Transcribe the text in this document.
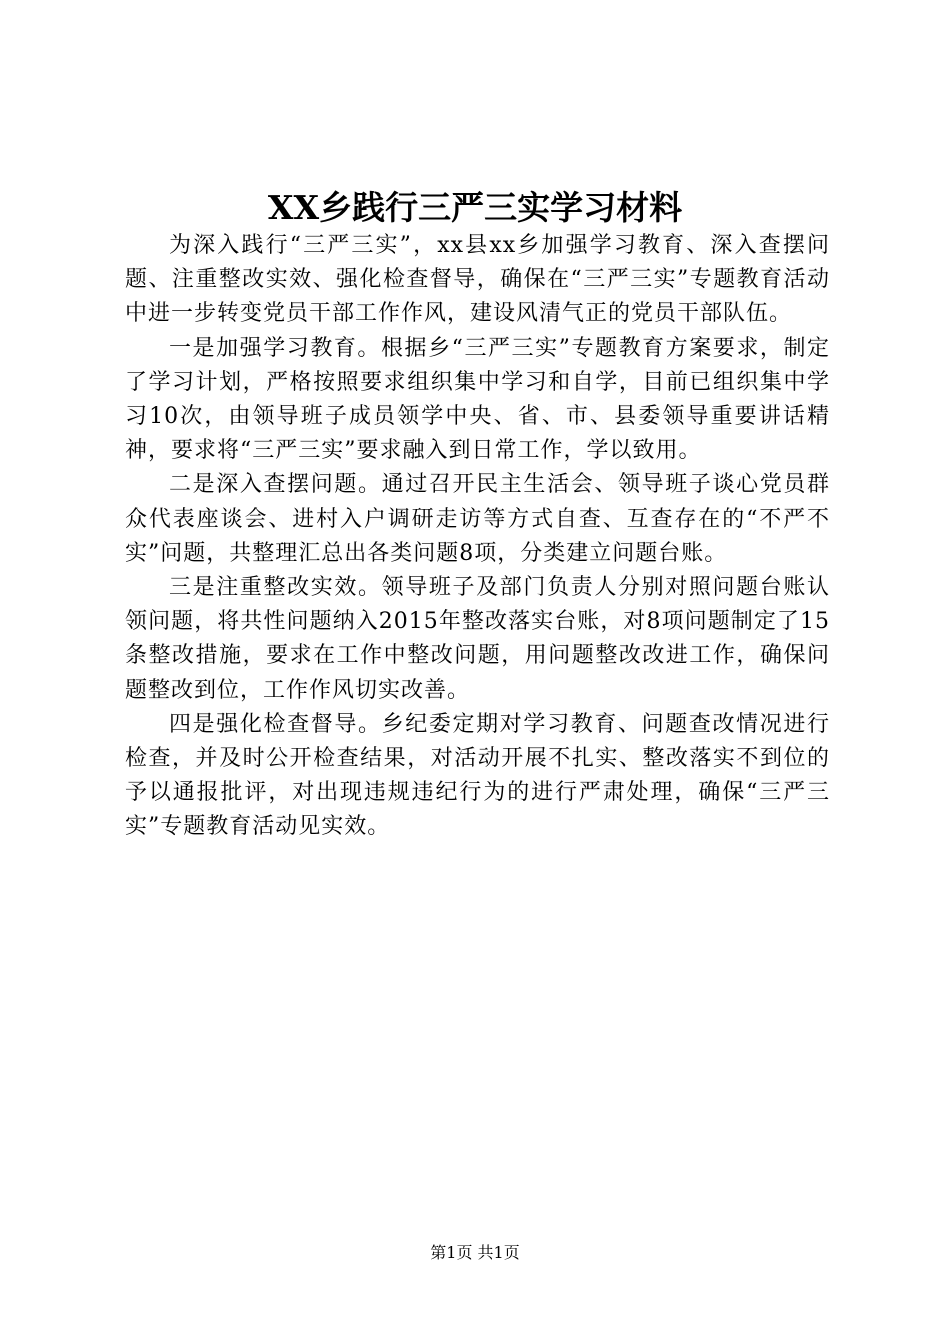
XX乡践行三严三实学习材料

为深入践行“三严三实”，xx县xx乡加强学习教育、深入查摆问题、注重整改实效、强化检查督导，确保在“三严三实”专题教育活动中进一步转变党员干部工作作风，建设风清气正的党员干部队伍。

一是加强学习教育。根据乡“三严三实”专题教育方案要求，制定了学习计划，严格按照要求组织集中学习和自学，目前已组织集中学习10次，由领导班子成员领学中央、省、市、县委领导重要讲话精神，要求将“三严三实”要求融入到日常工作，学以致用。

二是深入查摆问题。通过召开民主生活会、领导班子谈心党员群众代表座谈会、进村入户调研走访等方式自查、互查存在的“不严不实”问题，共整理汇总出各类问题8项，分类建立问题台账。

三是注重整改实效。领导班子及部门负责人分别对照问题台账认领问题，将共性问题纳入2015年整改落实台账，对8项问题制定了15条整改措施，要求在工作中整改问题，用问题整改改进工作，确保问题整改到位，工作作风切实改善。

四是强化检查督导。乡纪委定期对学习教育、问题查改情况进行检查，并及时公开检查结果，对活动开展不扎实、整改落实不到位的予以通报批评，对出现违规违纪行为的进行严肃处理，确保“三严三实”专题教育活动见实效。

第1页 共1页
